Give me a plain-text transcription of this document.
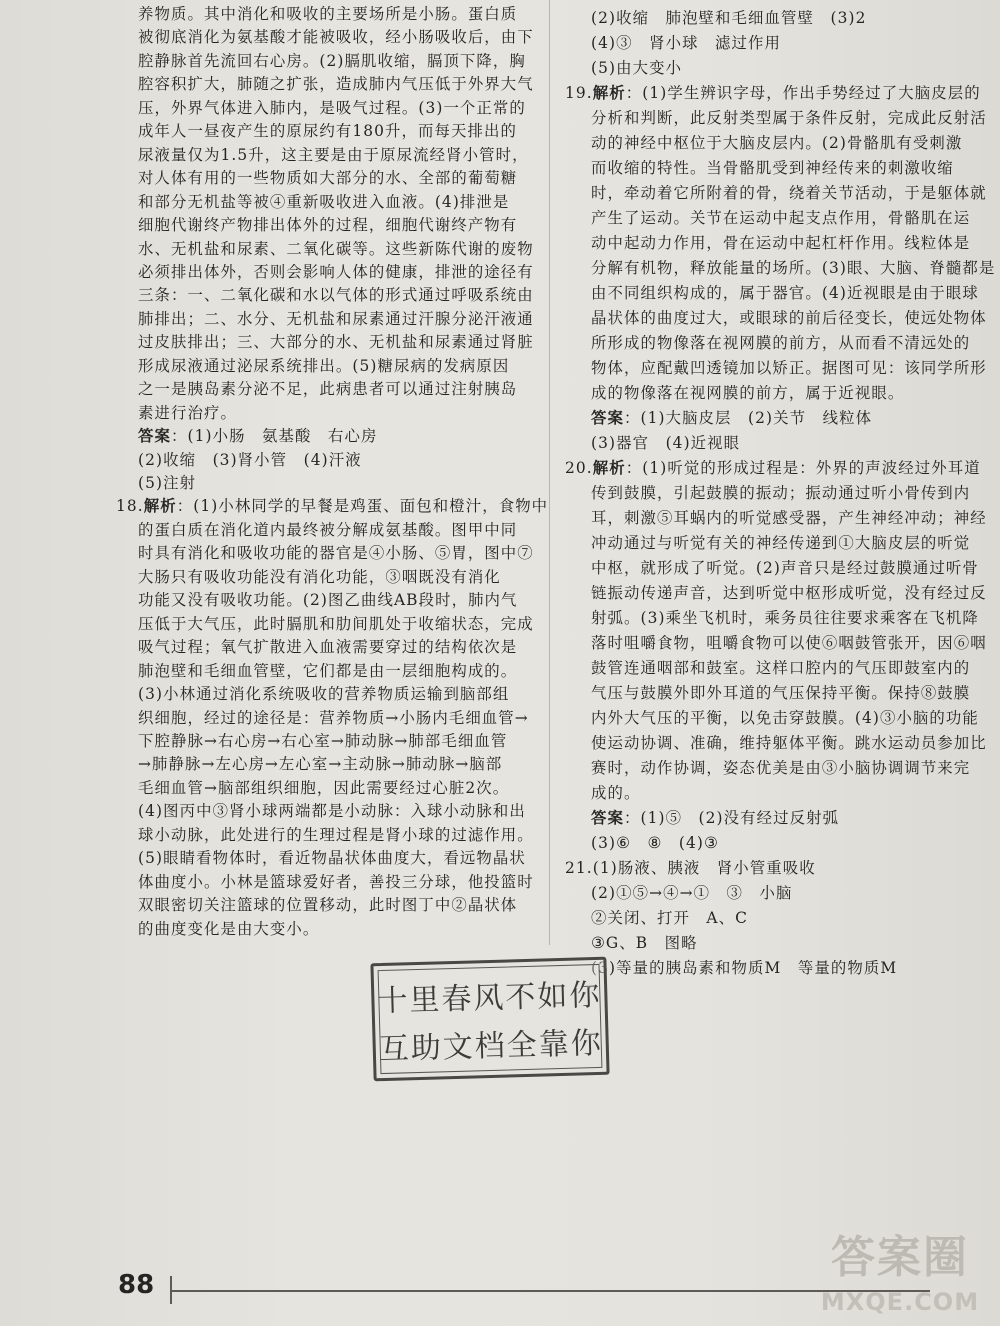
养物质。其中消化和吸收的主要场所是小肠。蛋白质
被彻底消化为氨基酸才能被吸收，经小肠吸收后，由下
腔静脉首先流回右心房。(2)膈肌收缩，膈顶下降，胸
腔容积扩大，肺随之扩张，造成肺内气压低于外界大气
压，外界气体进入肺内，是吸气过程。(3)一个正常的
成年人一昼夜产生的原尿约有180升，而每天排出的
尿液量仅为1.5升，这主要是由于原尿流经肾小管时，
对人体有用的一些物质如大部分的水、全部的葡萄糖
和部分无机盐等被④重新吸收进入血液。(4)排泄是
细胞代谢终产物排出体外的过程，细胞代谢终产物有
水、无机盐和尿素、二氧化碳等。这些新陈代谢的废物
必须排出体外，否则会影响人体的健康，排泄的途径有
三条：一、二氧化碳和水以气体的形式通过呼吸系统由
肺排出；二、水分、无机盐和尿素通过汗腺分泌汗液通
过皮肤排出；三、大部分的水、无机盐和尿素通过肾脏
形成尿液通过泌尿系统排出。(5)糖尿病的发病原因
之一是胰岛素分泌不足，此病患者可以通过注射胰岛
素进行治疗。
答案：(1)小肠　氨基酸　右心房
(2)收缩　(3)肾小管　(4)汗液
(5)注射
18.解析：(1)小林同学的早餐是鸡蛋、面包和橙汁，食物中
的蛋白质在消化道内最终被分解成氨基酸。图甲中同
时具有消化和吸收功能的器官是④小肠、⑤胃，图中⑦
大肠只有吸收功能没有消化功能，③咽既没有消化
功能又没有吸收功能。(2)图乙曲线AB段时，肺内气
压低于大气压，此时膈肌和肋间肌处于收缩状态，完成
吸气过程；氧气扩散进入血液需要穿过的结构依次是
肺泡壁和毛细血管壁，它们都是由一层细胞构成的。
(3)小林通过消化系统吸收的营养物质运输到脑部组
织细胞，经过的途径是：营养物质→小肠内毛细血管→
下腔静脉→右心房→右心室→肺动脉→肺部毛细血管
→肺静脉→左心房→左心室→主动脉→肺动脉→脑部
毛细血管→脑部组织细胞，因此需要经过心脏2次。
(4)图丙中③肾小球两端都是小动脉：入球小动脉和出
球小动脉，此处进行的生理过程是肾小球的过滤作用。
(5)眼睛看物体时，看近物晶状体曲度大，看远物晶状
体曲度小。小林是篮球爱好者，善投三分球，他投篮时
双眼密切关注篮球的位置移动，此时图丁中②晶状体
的曲度变化是由大变小。
(2)收缩　肺泡壁和毛细血管壁　(3)2
(4)③　肾小球　滤过作用
(5)由大变小
19.解析：(1)学生辨识字母，作出手势经过了大脑皮层的
分析和判断，此反射类型属于条件反射，完成此反射活
动的神经中枢位于大脑皮层内。(2)骨骼肌有受刺激
而收缩的特性。当骨骼肌受到神经传来的刺激收缩
时，牵动着它所附着的骨，绕着关节活动，于是躯体就
产生了运动。关节在运动中起支点作用，骨骼肌在运
动中起动力作用，骨在运动中起杠杆作用。线粒体是
分解有机物，释放能量的场所。(3)眼、大脑、脊髓都是
由不同组织构成的，属于器官。(4)近视眼是由于眼球
晶状体的曲度过大，或眼球的前后径变长，使远处物体
所形成的物像落在视网膜的前方，从而看不清远处的
物体，应配戴凹透镜加以矫正。据图可见：该同学所形
成的物像落在视网膜的前方，属于近视眼。
答案：(1)大脑皮层　(2)关节　线粒体
(3)器官　(4)近视眼
20.解析：(1)听觉的形成过程是：外界的声波经过外耳道
传到鼓膜，引起鼓膜的振动；振动通过听小骨传到内
耳，刺激⑤耳蜗内的听觉感受器，产生神经冲动；神经
冲动通过与听觉有关的神经传递到①大脑皮层的听觉
中枢，就形成了听觉。(2)声音只是经过鼓膜通过听骨
链振动传递声音，达到听觉中枢形成听觉，没有经过反
射弧。(3)乘坐飞机时，乘务员往往要求乘客在飞机降
落时咀嚼食物，咀嚼食物可以使⑥咽鼓管张开，因⑥咽
鼓管连通咽部和鼓室。这样口腔内的气压即鼓室内的
气压与鼓膜外即外耳道的气压保持平衡。保持⑧鼓膜
内外大气压的平衡，以免击穿鼓膜。(4)③小脑的功能
使运动协调、准确，维持躯体平衡。跳水运动员参加比
赛时，动作协调，姿态优美是由③小脑协调调节来完
成的。
答案：(1)⑤　(2)没有经过反射弧
(3)⑥　⑧　(4)③
21.(1)肠液、胰液　肾小管重吸收
(2)①⑤→④→①　③　小脑
②关闭、打开　A、C
③G、B　图略
(3)等量的胰岛素和物质M　等量的物质M
十里春风不如你
互助文档全靠你
88
答案圈
MXQE.COM
